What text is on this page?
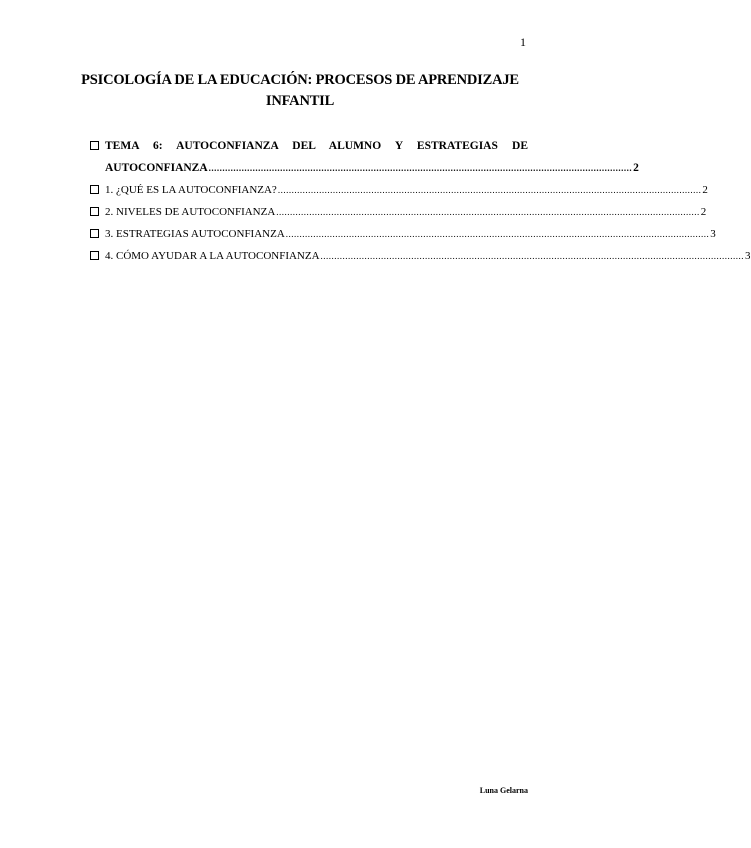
1
PSICOLOGÍA DE LA EDUCACIÓN: PROCESOS DE APRENDIZAJE INFANTIL
TEMA 6: AUTOCONFIANZA DEL ALUMNO Y ESTRATEGIAS DE
AUTOCONFIANZA .......................................................................................................................................................... 2
1. ¿QUÉ ES LA AUTOCONFIANZA? .......................................................................................................................................................... 2
2. NIVELES DE AUTOCONFIANZA .......................................................................................................................................................... 2
3. ESTRATEGIAS AUTOCONFIANZA .......................................................................................................................................................... 3
4. CÓMO AYUDAR A LA AUTOCONFIANZA .......................................................................................................................................................... 3
Luna Gelarna
